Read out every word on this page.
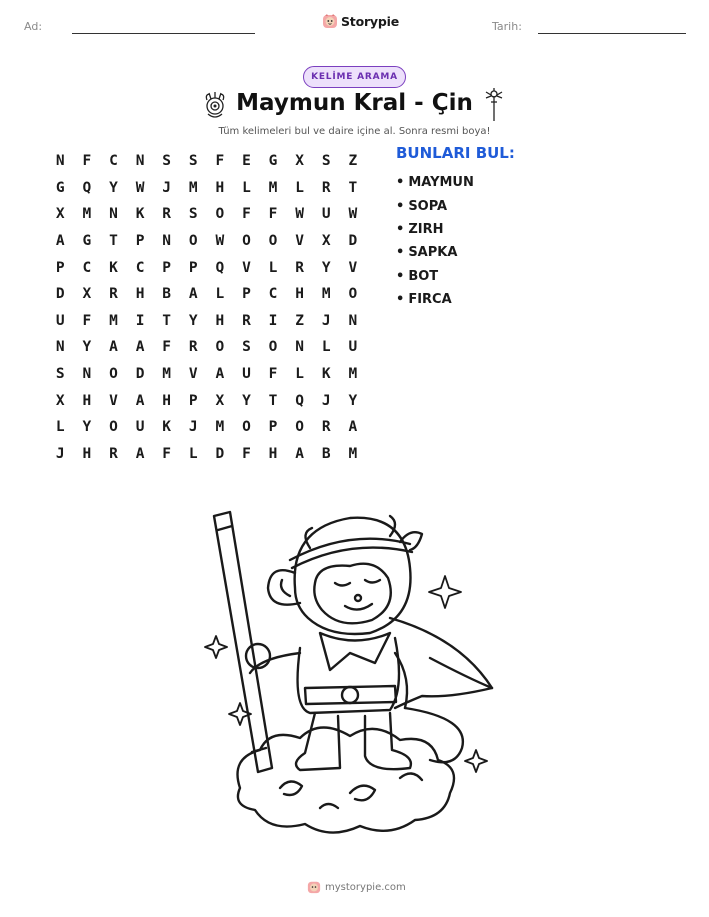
Ad:	Storypie	Tarih:
KELİME ARAMA
Maymun Kral - Çin
Tüm kelimeleri bul ve daire içine al. Sonra resmi boya!
N	F	C	N	S	S	F	E	G	X	S	Z
G	Q	Y	W	J	M	H	L	M	L	R	T
X	M	N	K	R	S	O	F	F	W	U	W
A	G	T	P	N	O	W	O	O	V	X	D
P	C	K	C	P	P	Q	V	L	R	Y	V
D	X	R	H	B	A	L	P	C	H	M	O
U	F	M	I	T	Y	H	R	I	Z	J	N
N	Y	A	A	F	R	O	S	O	N	L	U
S	N	O	D	M	V	A	U	F	L	K	M
X	H	V	A	H	P	X	Y	T	Q	J	Y
L	Y	O	U	K	J	M	O	P	O	R	A
J	H	R	A	F	L	D	F	H	A	B	M
BUNLARI BUL:
• MAYMUN
• SOPA
• ZIRH
• SAPKA
• BOT
• FIRCA
mystorypie.com
